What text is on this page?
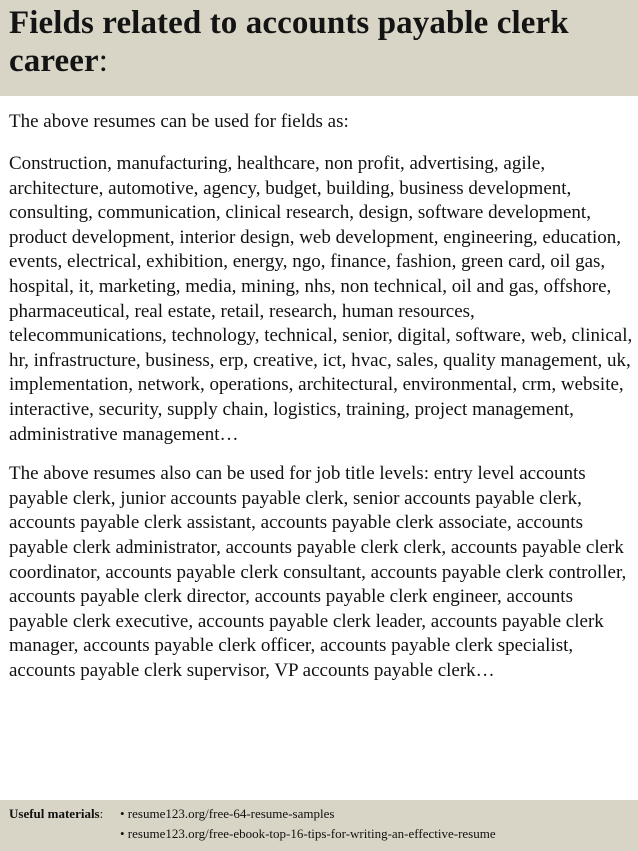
Fields related to accounts payable clerk career:

The above resumes can be used for fields as:

Construction, manufacturing, healthcare, non profit, advertising, agile, architecture, automotive, agency, budget, building, business development, consulting, communication, clinical research, design, software development, product development, interior design, web development, engineering, education, events, electrical, exhibition, energy, ngo, finance, fashion, green card, oil gas, hospital, it, marketing, media, mining, nhs, non technical, oil and gas, offshore, pharmaceutical, real estate, retail, research, human resources, telecommunications, technology, technical, senior, digital, software, web, clinical, hr, infrastructure, business, erp, creative, ict, hvac, sales, quality management, uk, implementation, network, operations, architectural, environmental, crm, website, interactive, security, supply chain, logistics, training, project management, administrative management…

The above resumes also can be used for job title levels: entry level accounts payable clerk, junior accounts payable clerk, senior accounts payable clerk, accounts payable clerk assistant, accounts payable clerk associate, accounts payable clerk administrator, accounts payable clerk clerk, accounts payable clerk coordinator, accounts payable clerk consultant, accounts payable clerk controller, accounts payable clerk director, accounts payable clerk engineer, accounts payable clerk executive, accounts payable clerk leader, accounts payable clerk manager, accounts payable clerk officer, accounts payable clerk specialist, accounts payable clerk supervisor, VP accounts payable clerk…

Useful materials:	• resume123.org/free-64-resume-samples
• resume123.org/free-ebook-top-16-tips-for-writing-an-effective-resume
